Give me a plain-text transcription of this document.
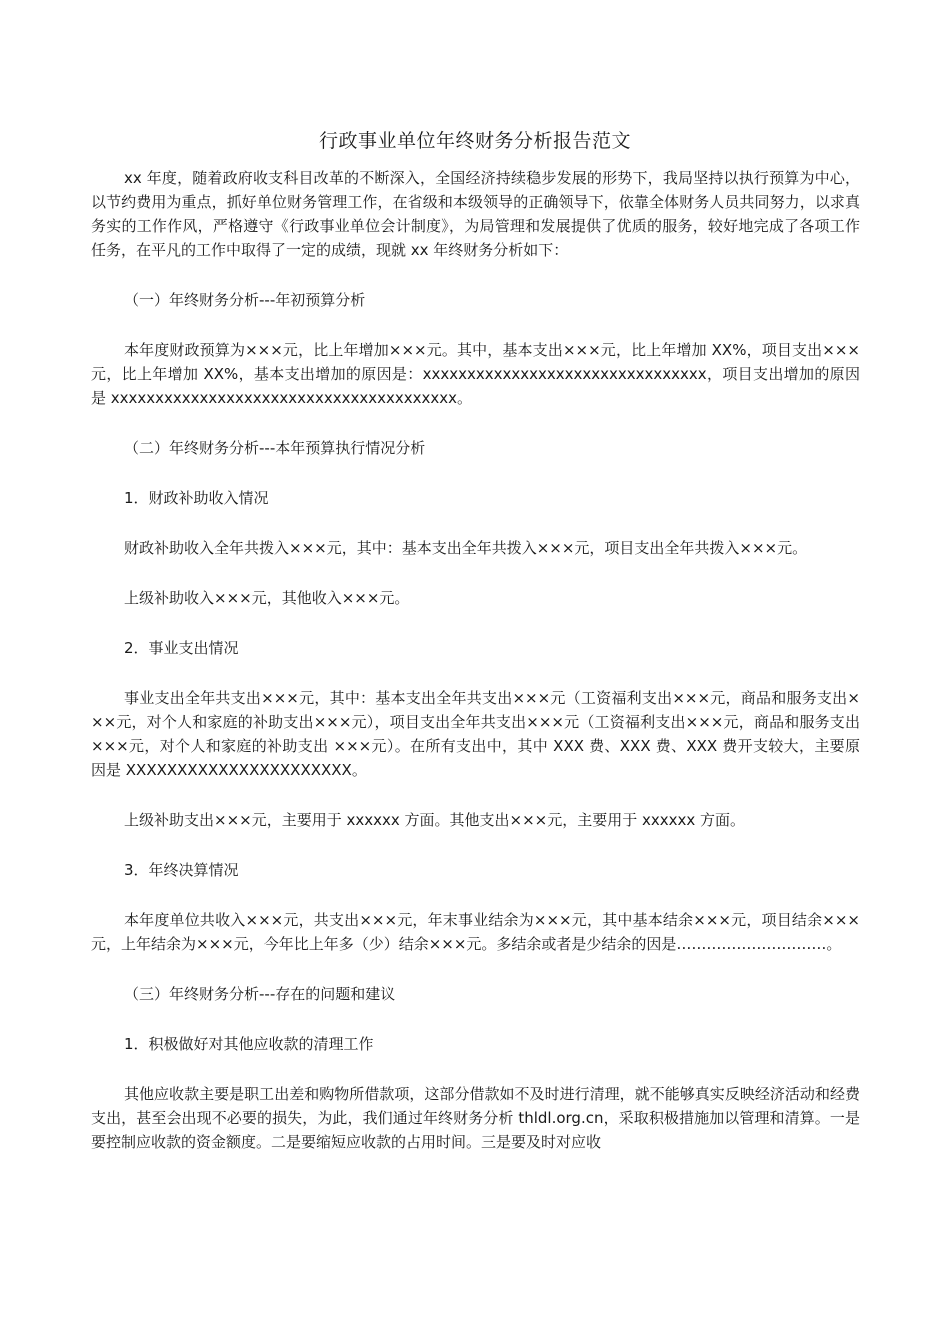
行政事业单位年终财务分析报告范文

xx 年度，随着政府收支科目改革的不断深入，全国经济持续稳步发展的形势下，我局坚持以执行预算为中心，以节约费用为重点，抓好单位财务管理工作，在省级和本级领导的正确领导下，依靠全体财务人员共同努力，以求真务实的工作作风，严格遵守《行政事业单位会计制度》，为局管理和发展提供了优质的服务，较好地完成了各项工作任务，在平凡的工作中取得了一定的成绩，现就 xx 年终财务分析如下：

（一）年终财务分析---年初预算分析

本年度财政预算为×××元，比上年增加×××元。其中，基本支出×××元，比上年增加 XX%，项目支出×××元，比上年增加 XX%，基本支出增加的原因是：xxxxxxxxxxxxxxxxxxxxxxxxxxxxxxxx，项目支出增加的原因是 xxxxxxxxxxxxxxxxxxxxxxxxxxxxxxxxxxxxxxx。

（二）年终财务分析---本年预算执行情况分析

1．财政补助收入情况

财政补助收入全年共拨入×××元，其中：基本支出全年共拨入×××元，项目支出全年共拨入×××元。

上级补助收入×××元，其他收入×××元。

2．事业支出情况

事业支出全年共支出×××元，其中：基本支出全年共支出×××元（工资福利支出×××元，商品和服务支出×××元，对个人和家庭的补助支出×××元），项目支出全年共支出×××元（工资福利支出×××元，商品和服务支出×××元，对个人和家庭的补助支出 ×××元）。在所有支出中，其中 XXX 费、XXX 费、XXX 费开支较大，主要原因是 XXXXXXXXXXXXXXXXXXXXXX。

上级补助支出×××元，主要用于 xxxxxx 方面。其他支出×××元，主要用于 xxxxxx 方面。

3．年终决算情况

本年度单位共收入×××元，共支出×××元，年末事业结余为×××元，其中基本结余×××元，项目结余×××元，上年结余为×××元，今年比上年多（少）结余×××元。多结余或者是少结余的因是…………………………。

（三）年终财务分析---存在的问题和建议

1．积极做好对其他应收款的清理工作

其他应收款主要是职工出差和购物所借款项，这部分借款如不及时进行清理，就不能够真实反映经济活动和经费支出，甚至会出现不必要的损失，为此，我们通过年终财务分析 thldl.org.cn，采取积极措施加以管理和清算。一是要控制应收款的资金额度。二是要缩短应收款的占用时间。三是要及时对应收
